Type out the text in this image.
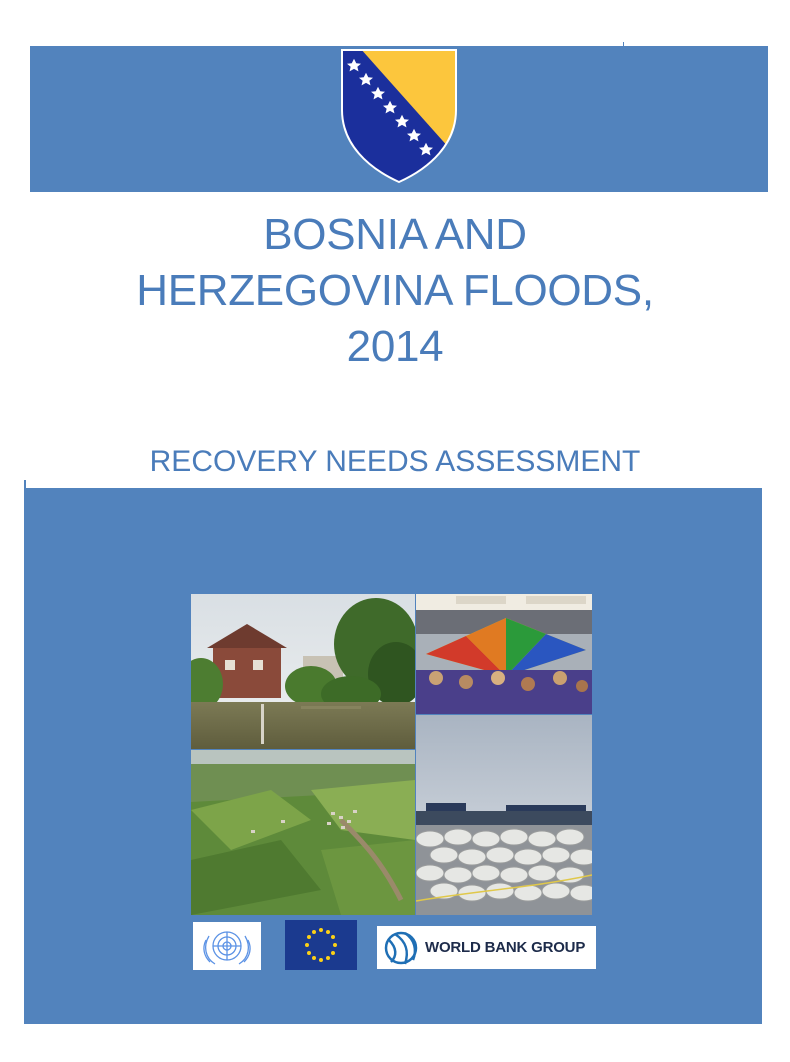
BOSNIA AND
HERZEGOVINA FLOODS,
2014
RECOVERY NEEDS ASSESSMENT
WORLD BANK GROUP
